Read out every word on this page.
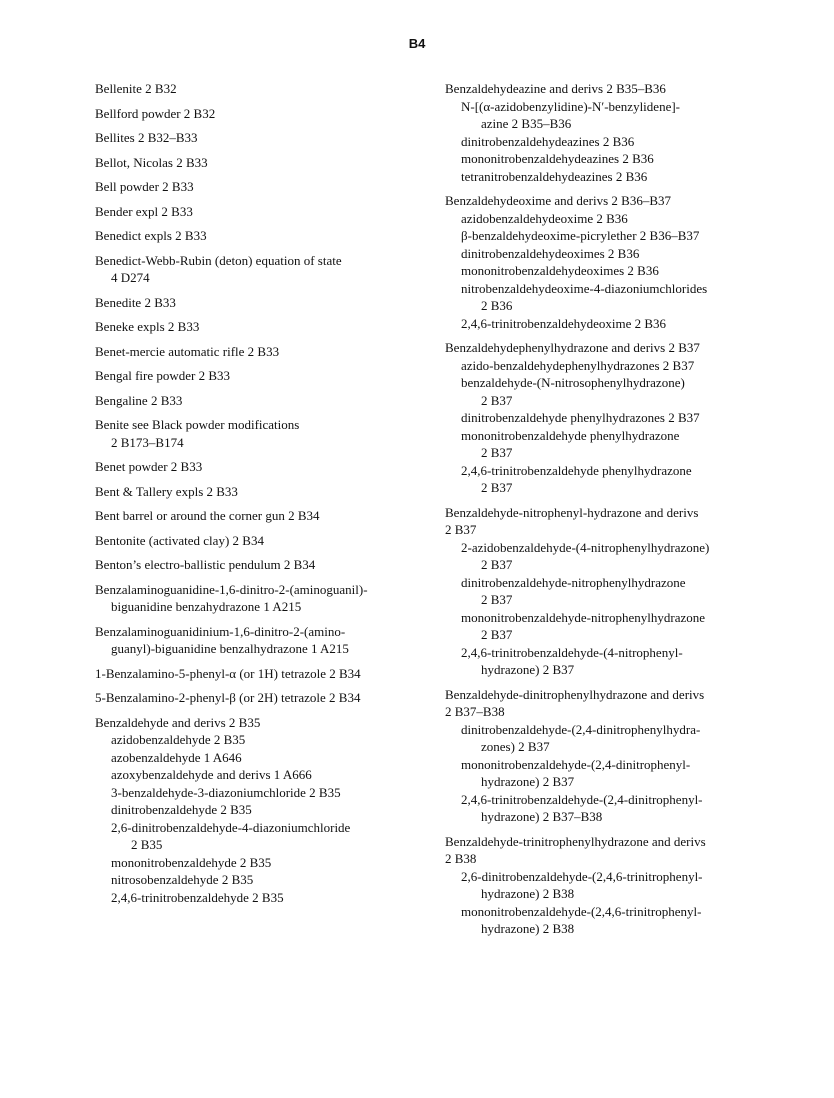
B4
Bellenite 2 B32
Bellford powder 2 B32
Bellites 2 B32–B33
Bellot, Nicolas 2 B33
Bell powder 2 B33
Bender expl 2 B33
Benedict expls 2 B33
Benedict-Webb-Rubin (deton) equation of state
4 D274
Benedite 2 B33
Beneke expls 2 B33
Benet-mercie automatic rifle 2 B33
Bengal fire powder 2 B33
Bengaline 2 B33
Benite see Black powder modifications
2 B173–B174
Benet powder 2 B33
Bent & Tallery expls 2 B33
Bent barrel or around the corner gun 2 B34
Bentonite (activated clay) 2 B34
Benton’s electro-ballistic pendulum 2 B34
Benzalaminoguanidine-1,6-dinitro-2-(aminoguanil)-
biguanidine benzahydrazone 1 A215
Benzalaminoguanidinium-1,6-dinitro-2-(amino-
guanyl)-biguanidine benzalhydrazone 1 A215
1-Benzalamino-5-phenyl-α (or 1H) tetrazole 2 B34
5-Benzalamino-2-phenyl-β (or 2H) tetrazole 2 B34
Benzaldehyde and derivs 2 B35
azidobenzaldehyde 2 B35
azobenzaldehyde 1 A646
azoxybenzaldehyde and derivs 1 A666
3-benzaldehyde-3-diazoniumchloride 2 B35
dinitrobenzaldehyde 2 B35
2,6-dinitrobenzaldehyde-4-diazoniumchloride
2 B35
mononitrobenzaldehyde 2 B35
nitrosobenzaldehyde 2 B35
2,4,6-trinitrobenzaldehyde 2 B35
Benzaldehydeazine and derivs 2 B35–B36
N-[(α-azidobenzylidine)-N′-benzylidene]-
azine 2 B35–B36
dinitrobenzaldehydeazines 2 B36
mononitrobenzaldehydeazines 2 B36
tetranitrobenzaldehydeazines 2 B36
Benzaldehydeoxime and derivs 2 B36–B37
azidobenzaldehydeoxime 2 B36
β-benzaldehydeoxime-picrylether 2 B36–B37
dinitrobenzaldehydeoximes 2 B36
mononitrobenzaldehydeoximes 2 B36
nitrobenzaldehydeoxime-4-diazoniumchlorides
2 B36
2,4,6-trinitrobenzaldehydeoxime 2 B36
Benzaldehydephenylhydrazone and derivs 2 B37
azido-benzaldehydephenylhydrazones 2 B37
benzaldehyde-(N-nitrosophenylhydrazone)
2 B37
dinitrobenzaldehyde phenylhydrazones 2 B37
mononitrobenzaldehyde phenylhydrazone
2 B37
2,4,6-trinitrobenzaldehyde phenylhydrazone
2 B37
Benzaldehyde-nitrophenyl-hydrazone and derivs
2 B37
2-azidobenzaldehyde-(4-nitrophenylhydrazone)
2 B37
dinitrobenzaldehyde-nitrophenylhydrazone
2 B37
mononitrobenzaldehyde-nitrophenylhydrazone
2 B37
2,4,6-trinitrobenzaldehyde-(4-nitrophenyl-
hydrazone) 2 B37
Benzaldehyde-dinitrophenylhydrazone and derivs
2 B37–B38
dinitrobenzaldehyde-(2,4-dinitrophenylhydra-
zones) 2 B37
mononitrobenzaldehyde-(2,4-dinitrophenyl-
hydrazone) 2 B37
2,4,6-trinitrobenzaldehyde-(2,4-dinitrophenyl-
hydrazone) 2 B37–B38
Benzaldehyde-trinitrophenylhydrazone and derivs
2 B38
2,6-dinitrobenzaldehyde-(2,4,6-trinitrophenyl-
hydrazone) 2 B38
mononitrobenzaldehyde-(2,4,6-trinitrophenyl-
hydrazone) 2 B38
